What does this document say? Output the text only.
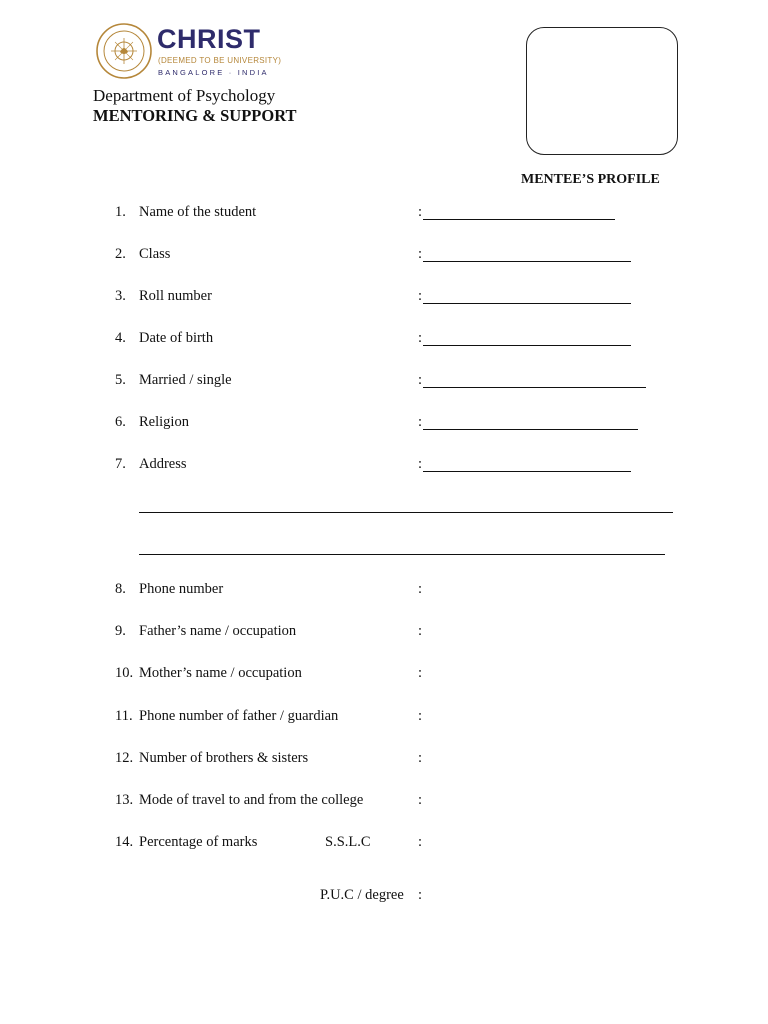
CHRIST
(DEEMED TO BE UNIVERSITY)
BANGALORE · INDIA
Department of Psychology
MENTORING & SUPPORT
MENTEE’S PROFILE
1. Name of the student	:
2. Class	:
3. Roll number	:
4. Date of birth	:
5. Married / single	:
6. Religion	:
7. Address	:
8. Phone number	:
9. Father’s name / occupation	:
10. Mother’s name / occupation	:
11. Phone number of father / guardian	:
12. Number of brothers & sisters	:
13. Mode of travel to and from the college	:
14. Percentage of marks	S.S.L.C	:
P.U.C / degree :
